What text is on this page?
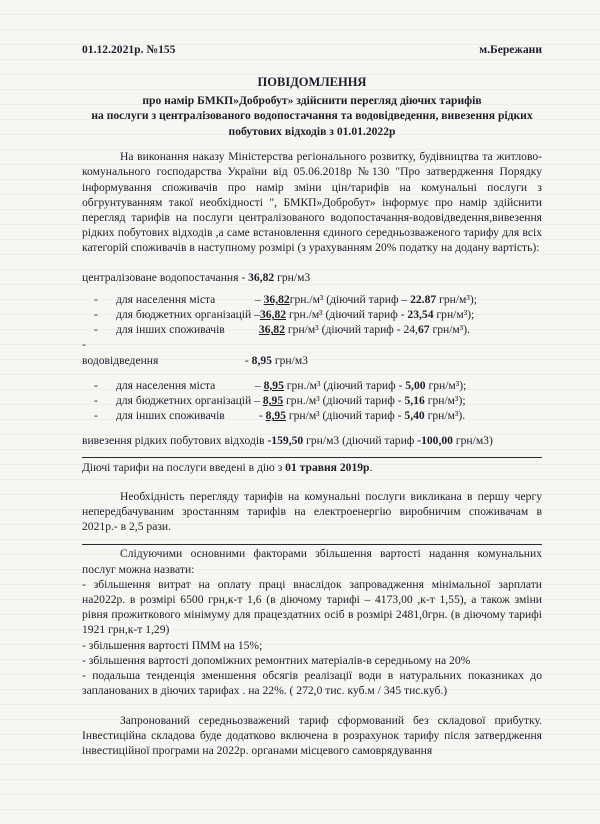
01.12.2021р. №155	м.Бережани
ПОВІДОМЛЕННЯ
про намір БМКП»Добробут» здійснити перегляд діючих тарифів
на послуги з централізованого водопостачання та водовідведення, вивезення рідких
побутових відходів з 01.01.2022р

На виконання наказу Міністерства регіонального розвитку, будівництва та житлово-комунального господарства України від 05.06.2018р №130 "Про затвердження Порядку інформування споживачів про намір зміни цін/тарифів на комунальні послуги з обгрунтуванням такої необхідності ", БМКП»Добробут» інформує про намір здійснити перегляд тарифів на послуги централізованого водопостачання-водовідведення,вивезення рідких побутових відходів ,а саме встановлення єдиного середньозваженого тарифу для всіх категорій споживачів в наступному розмірі (з урахуванням 20% податку на додану вартість):

централізоване водопостачання - 36,82 грн/м3
- для населення міста	– 36,82грн./м³ (діючий тариф – 22.87 грн/м³);
- для бюджетних організацій –36,82 грн./м³ (діючий тариф - 23,54 грн/м³);
- для інших споживачів	36,82 грн/м³ (діючий тариф - 24,67 грн/м³).
-
водовідведення	- 8,95 грн/м3
- для населення міста	– 8,95 грн./м³ (діючий тариф - 5,00 грн/м³);
- для бюджетних організацій – 8,95 грн./м³ (діючий тариф - 5,16 грн/м³);
- для інших споживачів	- 8,95 грн/м³ (діючий тариф - 5,40 грн/м³).
вивезення рідких побутових відходів -159,50 грн/м3 (діючий тариф -100,00 грн/м3)
Діючі тарифи на послуги введені в дію з 01 травня 2019р.

Необхідність перегляду тарифів на комунальні послуги викликана в першу чергу непередбачуваним зростанням тарифів на електроенергію виробничим споживачам в 2021р.- в 2,5 рази.

Слідуючими основними факторами збільшення вартості надання комунальних послуг можна назвати:

- збільшення витрат на оплату праці внаслідок запровадження мінімальної зарплати на2022р. в розмірі 6500 грн,к-т 1,6 (в діючому тарифі – 4173,00 ,к-т 1,55), а також зміни рівня прожиткового мінімуму для працездатних осіб в розмірі 2481,0грн. (в діючому тарифі 1921 грн,к-т 1,29)
- збільшення вартості ПММ на 15%;
- збільшення вартості допоміжних ремонтних матеріалів-в середньому на 20%
- подальша тенденція зменшення обсягів реалізації води в натуральних показниках до запланованих в діючих тарифах . на 22%. ( 272,0 тис. куб.м / 345 тис.куб.)

Запронований середньозважений тариф сформований без складової прибутку. Інвестиційна складова буде додатково включена в розрахунок тарифу після затвердження інвестиційної програми на 2022р. органами місцевого самоврядування
